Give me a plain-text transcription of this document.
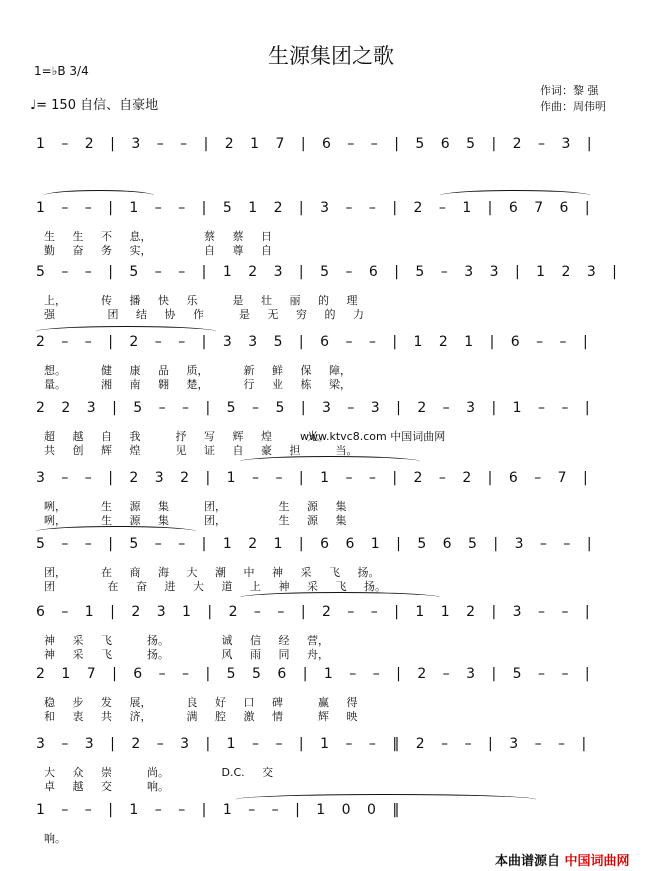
生源集团之歌
1=♭B 3/4
♩= 150 自信、自豪地
作词：黎 强
作曲：周伟明
1 – 2 | 3 – – | 2 1 7 | 6 – – | 5 6 5 | 2 – 3 |
1 – – | 1 – – | 5 1 2 | 3 – – | 2 – 1 | 6 7 6 |
生 生 不 息，   蔡 蔡 日
勤 奋 务 实，   自 尊 自
5 – – | 5 – – | 1 2 3 | 5 – 6 | 5 – 3 3 | 1 2 3 |
上，  传 播 快 乐  是 壮 丽 的 理
强   团 结 协 作  是 无 穷 的 力
2 – – | 2 – – | 3 3 5 | 6 – – | 1 2 1 | 6 – – |
想。  健 康 品 质，  新 鲜 保 障，
量。  湘 南 翱 楚，  行 业 栋 梁，
2 2 3 | 5 – – | 5 – 5 | 3 – 3 | 2 – 3 | 1 – – |
超 越 自 我  抒 写 辉 煌  光。
共 创 辉 煌  见 证 自 豪 担  当。
3 – – | 2 3 2 | 1 – – | 1 – – | 2 – 2 | 6 – 7 |
咧，  生 源 集  团，   生 源 集
咧，  生 源 集  团，   生 源 集
5 – – | 5 – – | 1 2 1 | 6 6 1 | 5 6 5 | 3 – – |
团，  在 商 海 大 潮 中 神 采 飞 扬。
团   在 奋 进 大 道 上 神 采 飞 扬。
6 – 1 | 2 3 1 | 2 – – | 2 – – | 1 1 2 | 3 – – |
神 采 飞  扬。   诚 信 经 营，
神 采 飞  扬。   风 雨 同 舟，
2 1 7 | 6 – – | 5 5 6 | 1 – – | 2 – 3 | 5 – – |
稳 步 发 展，  良 好 口 碑  赢 得
和 衷 共 济，  满 腔 激 情  辉 映
3 – 3 | 2 – 3 | 1 – – | 1 – – ‖ 2 – – | 3 – – |
大 众 崇  尚。   D.C. 交
卓 越 交  响。
1 – – | 1 – – | 1 – – | 1 0 0 ‖
响。
www.ktvc8.com 中国词曲网
本曲谱源自 中国词曲网
